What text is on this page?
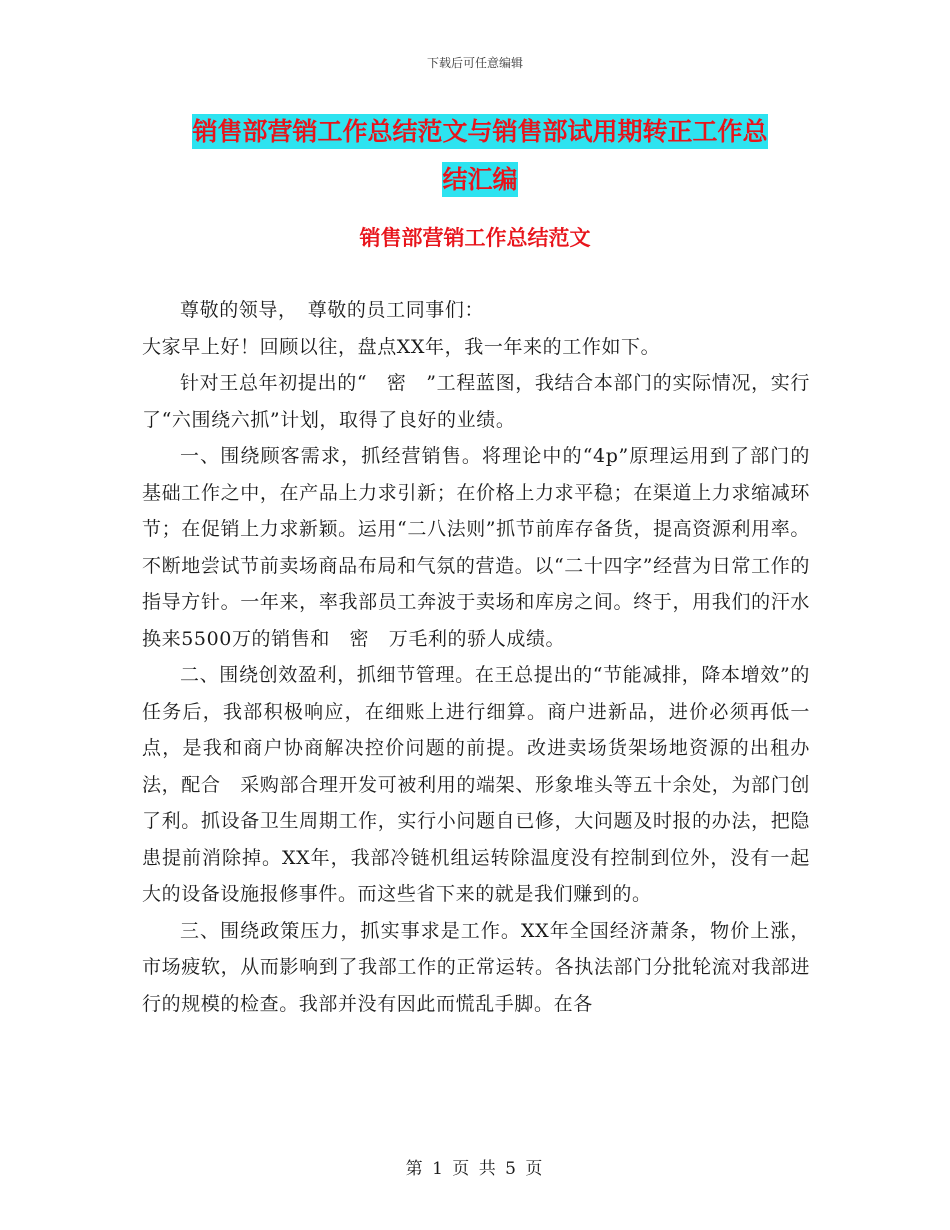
下载后可任意编辑
销售部营销工作总结范文与销售部试用期转正工作总
结汇编
销售部营销工作总结范文

尊敬的领导，　尊敬的员工同事们：

大家早上好！回顾以往，盘点XX年，我一年来的工作如下。

针对王总年初提出的“　密　”工程蓝图，我结合本部门的实际情况，实行了“六围绕六抓”计划，取得了良好的业绩。

一、围绕顾客需求，抓经营销售。将理论中的“4p”原理运用到了部门的基础工作之中，在产品上力求引新；在价格上力求平稳；在渠道上力求缩减环节；在促销上力求新颖。运用“二八法则”抓节前库存备货，提高资源利用率。不断地尝试节前卖场商品布局和气氛的营造。以“二十四字”经营为日常工作的指导方针。一年来，率我部员工奔波于卖场和库房之间。终于，用我们的汗水换来5500万的销售和　密　万毛利的骄人成绩。

二、围绕创效盈利，抓细节管理。在王总提出的“节能减排，降本增效”的任务后，我部积极响应，在细账上进行细算。商户进新品，进价必须再低一点，是我和商户协商解决控价问题的前提。改进卖场货架场地资源的出租办法，配合　采购部合理开发可被利用的端架、形象堆头等五十余处，为部门创了利。抓设备卫生周期工作，实行小问题自已修，大问题及时报的办法，把隐患提前消除掉。XX年，我部冷链机组运转除温度没有控制到位外，没有一起大的设备设施报修事件。而这些省下来的就是我们赚到的。

三、围绕政策压力，抓实事求是工作。XX年全国经济萧条，物价上涨，市场疲软，从而影响到了我部工作的正常运转。各执法部门分批轮流对我部进行的规模的检查。我部并没有因此而慌乱手脚。在各

第 1 页 共 5 页
